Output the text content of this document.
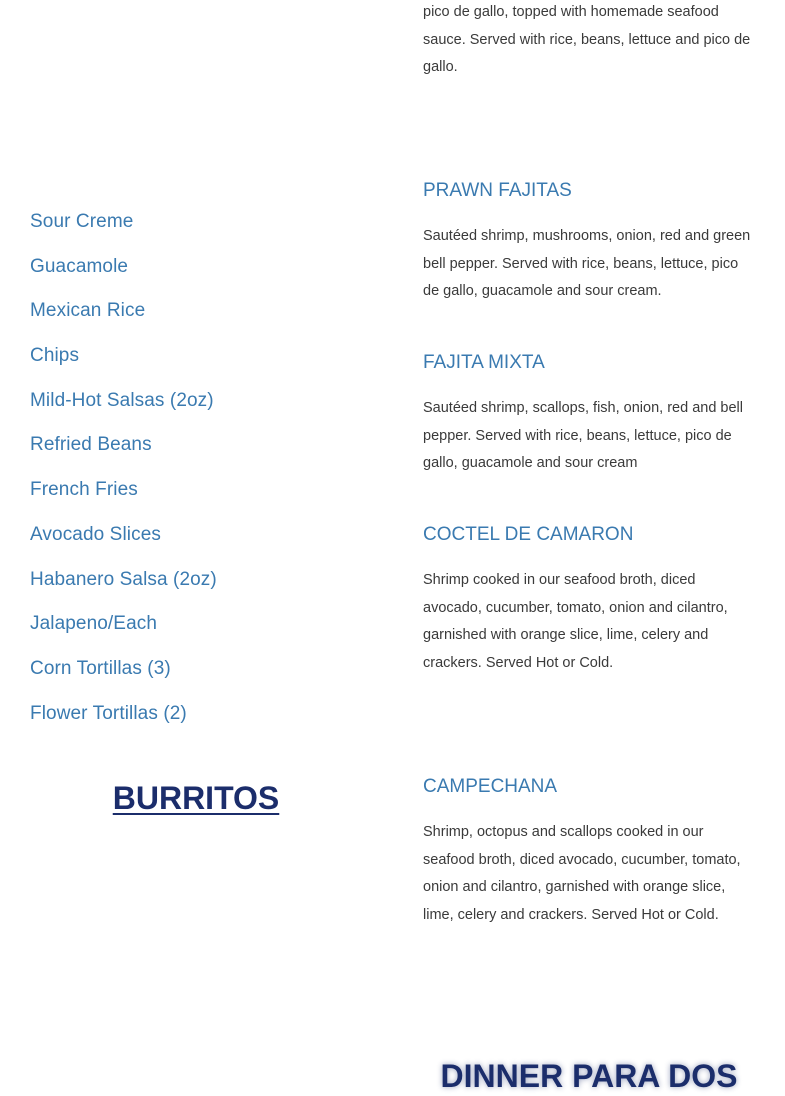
pico de gallo, topped with homemade seafood sauce. Served with rice, beans, lettuce and pico de gallo.

Sour Creme
Guacamole
Mexican Rice
Chips
Mild-Hot Salsas (2oz)
Refried Beans
French Fries
Avocado Slices
Habanero Salsa (2oz)
Jalapeno/Each
Corn Tortillas (3)
Flower Tortillas (2)
BURRITOS
PRAWN FAJITAS

Sautéed shrimp, mushrooms, onion, red and green bell pepper. Served with rice, beans, lettuce, pico de gallo, guacamole and sour cream.

FAJITA MIXTA

Sautéed shrimp, scallops, fish, onion, red and bell pepper. Served with rice, beans, lettuce, pico de gallo, guacamole and sour cream

COCTEL DE CAMARON

Shrimp cooked in our seafood broth, diced avocado, cucumber, tomato, onion and cilantro, garnished with orange slice, lime, celery and crackers. Served Hot or Cold.

CAMPECHANA

Shrimp, octopus and scallops cooked in our seafood broth, diced avocado, cucumber, tomato, onion and cilantro, garnished with orange slice, lime, celery and crackers. Served Hot or Cold.

DINNER PARA DOS
